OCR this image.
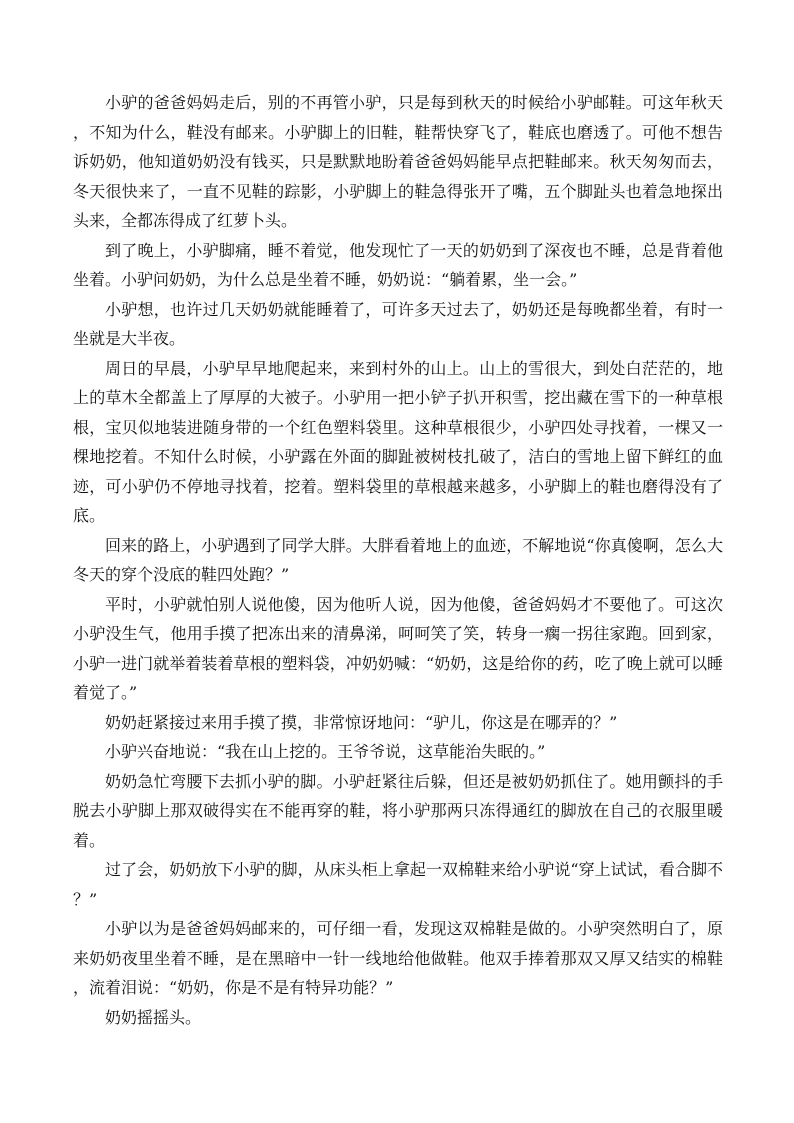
小驴的爸爸妈妈走后，别的不再管小驴，只是每到秋天的时候给小驴邮鞋。可这年秋天，不知为什么，鞋没有邮来。小驴脚上的旧鞋，鞋帮快穿飞了，鞋底也磨透了。可他不想告诉奶奶，他知道奶奶没有钱买，只是默默地盼着爸爸妈妈能早点把鞋邮来。秋天匆匆而去，冬天很快来了，一直不见鞋的踪影，小驴脚上的鞋急得张开了嘴，五个脚趾头也着急地探出头来，全都冻得成了红萝卜头。

到了晚上，小驴脚痛，睡不着觉，他发现忙了一天的奶奶到了深夜也不睡，总是背着他坐着。小驴问奶奶，为什么总是坐着不睡，奶奶说：“躺着累，坐一会。”

小驴想，也许过几天奶奶就能睡着了，可许多天过去了，奶奶还是每晚都坐着，有时一坐就是大半夜。

周日的早晨，小驴早早地爬起来，来到村外的山上。山上的雪很大，到处白茫茫的，地上的草木全都盖上了厚厚的大被子。小驴用一把小铲子扒开积雪，挖出藏在雪下的一种草根根，宝贝似地装进随身带的一个红色塑料袋里。这种草根很少，小驴四处寻找着，一棵又一棵地挖着。不知什么时候，小驴露在外面的脚趾被树枝扎破了，洁白的雪地上留下鲜红的血迹，可小驴仍不停地寻找着，挖着。塑料袋里的草根越来越多，小驴脚上的鞋也磨得没有了底。

回来的路上，小驴遇到了同学大胖。大胖看着地上的血迹，不解地说“你真傻啊，怎么大冬天的穿个没底的鞋四处跑？”

平时，小驴就怕别人说他傻，因为他听人说，因为他傻，爸爸妈妈才不要他了。可这次小驴没生气，他用手摸了把冻出来的清鼻涕，呵呵笑了笑，转身一瘸一拐往家跑。回到家，小驴一进门就举着装着草根的塑料袋，冲奶奶喊：“奶奶，这是给你的药，吃了晚上就可以睡着觉了。”

奶奶赶紧接过来用手摸了摸，非常惊讶地问：“驴儿，你这是在哪弄的？”

小驴兴奋地说：“我在山上挖的。王爷爷说，这草能治失眠的。”

奶奶急忙弯腰下去抓小驴的脚。小驴赶紧往后躲，但还是被奶奶抓住了。她用颤抖的手脱去小驴脚上那双破得实在不能再穿的鞋，将小驴那两只冻得通红的脚放在自己的衣服里暖着。

过了会，奶奶放下小驴的脚，从床头柜上拿起一双棉鞋来给小驴说“穿上试试，看合脚不？”

小驴以为是爸爸妈妈邮来的，可仔细一看，发现这双棉鞋是做的。小驴突然明白了，原来奶奶夜里坐着不睡，是在黑暗中一针一线地给他做鞋。他双手捧着那双又厚又结实的棉鞋，流着泪说：“奶奶，你是不是有特异功能？”

奶奶摇摇头。
